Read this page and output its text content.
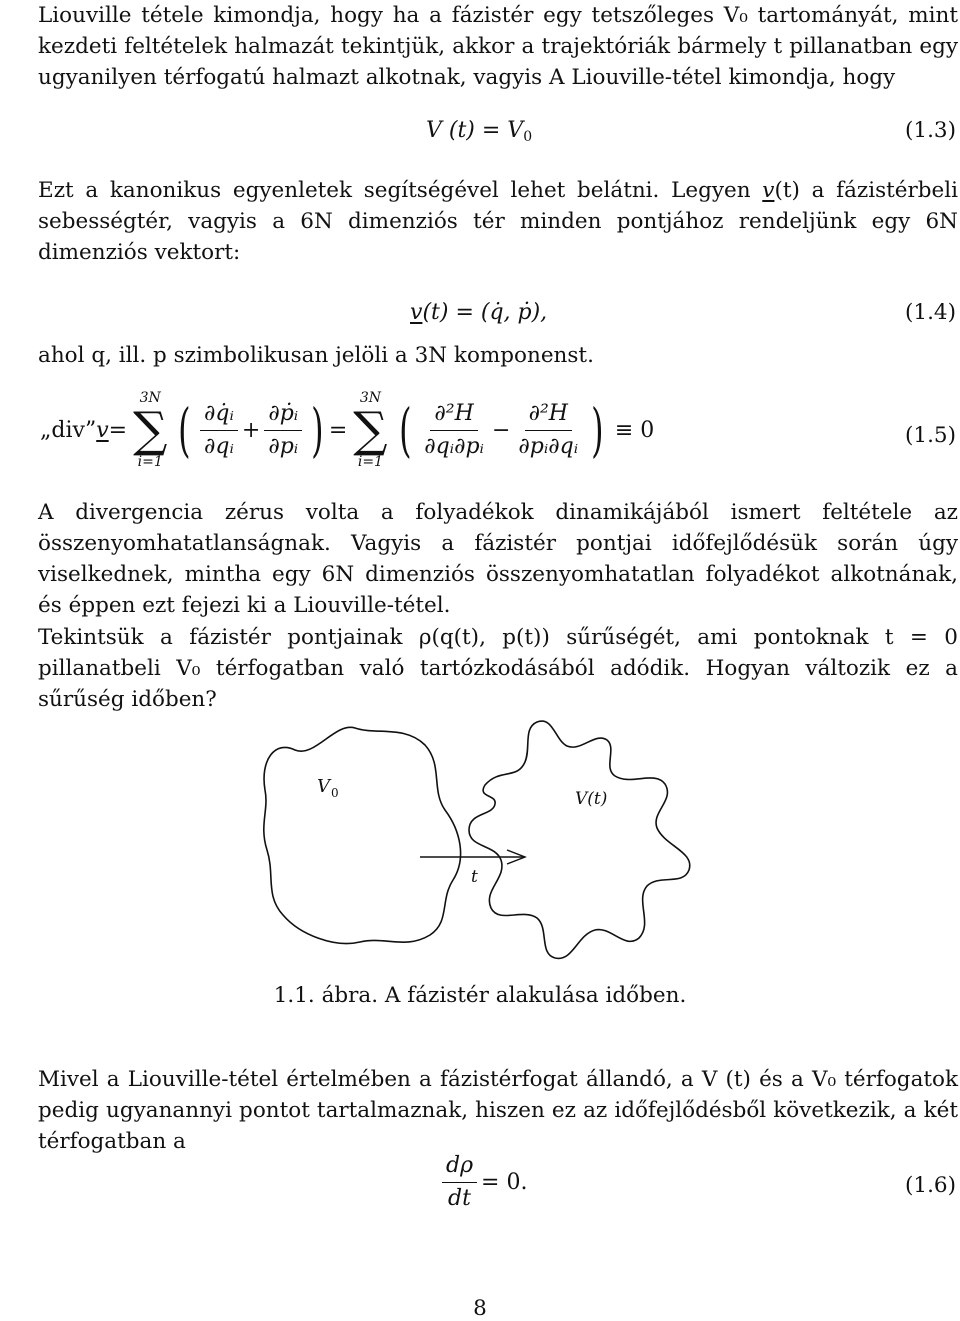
Liouville tétele kimondja, hogy ha a fázistér egy tetszőleges V₀ tartományát, mint kezdeti feltételek halmazát tekintjük, akkor a trajektóriák bármely t pillanatban egy ugyanilyen térfogatú halmazt alkotnak, vagyis A Liouville-tétel kimondja, hogy

V $(t) = V_0$	(1.3)

Ezt a kanonikus egyenletek segítségével lehet belátni. Legyen v(t) a fázistérbeli sebességtér, vagyis a 6N dimenziós tér minden pontjához rendeljünk egy 6N dimenziós vektort:

v(t) = (q̇, ṗ),	(1.4)

ahol q, ill. p szimbolikusan jelöli a 3N komponenst.

„div” v =
3N
∑
i=1 ( $\frac{\text{∂q̇ᵢ}}{\text{∂qᵢ}} + \frac{\text{∂ṗᵢ}}{\text{∂pᵢ}}$ ) =
3N
∑
i=1 ( $\frac{\text{∂²H}}{\text{∂qᵢ∂pᵢ}} - \frac{\text{∂²H}}{\text{∂pᵢ∂qᵢ}}$ ) ≡ 0	(1.5)

A divergencia zérus volta a folyadékok dinamikájából ismert feltétele az összenyomhatatlanságnak. Vagyis a fázistér pontjai időfejlődésük során úgy viselkednek, mintha egy 6N dimenziós összenyomhatatlan folyadékot alkotnának, és éppen ezt fejezi ki a Liouville-tétel.

Tekintsük a fázistér pontjainak ρ(q(t), p(t)) sűrűségét, ami pontoknak t = 0 pillanatbeli V₀ térfogatban való tartózkodásából adódik. Hogyan változik ez a sűrűség időben?

V 0	V(t)
t
1.1. ábra. A fázistér alakulása időben.

Mivel a Liouville-tétel értelmében a fázistérfogat állandó, a V (t) és a V₀ térfogatok pedig ugyanannyi pontot tartalmaznak, hiszen ez az időfejlődésből következik, a két térfogatban a

$\frac{d\rho}{dt} = 0$.	(1.6)
8
